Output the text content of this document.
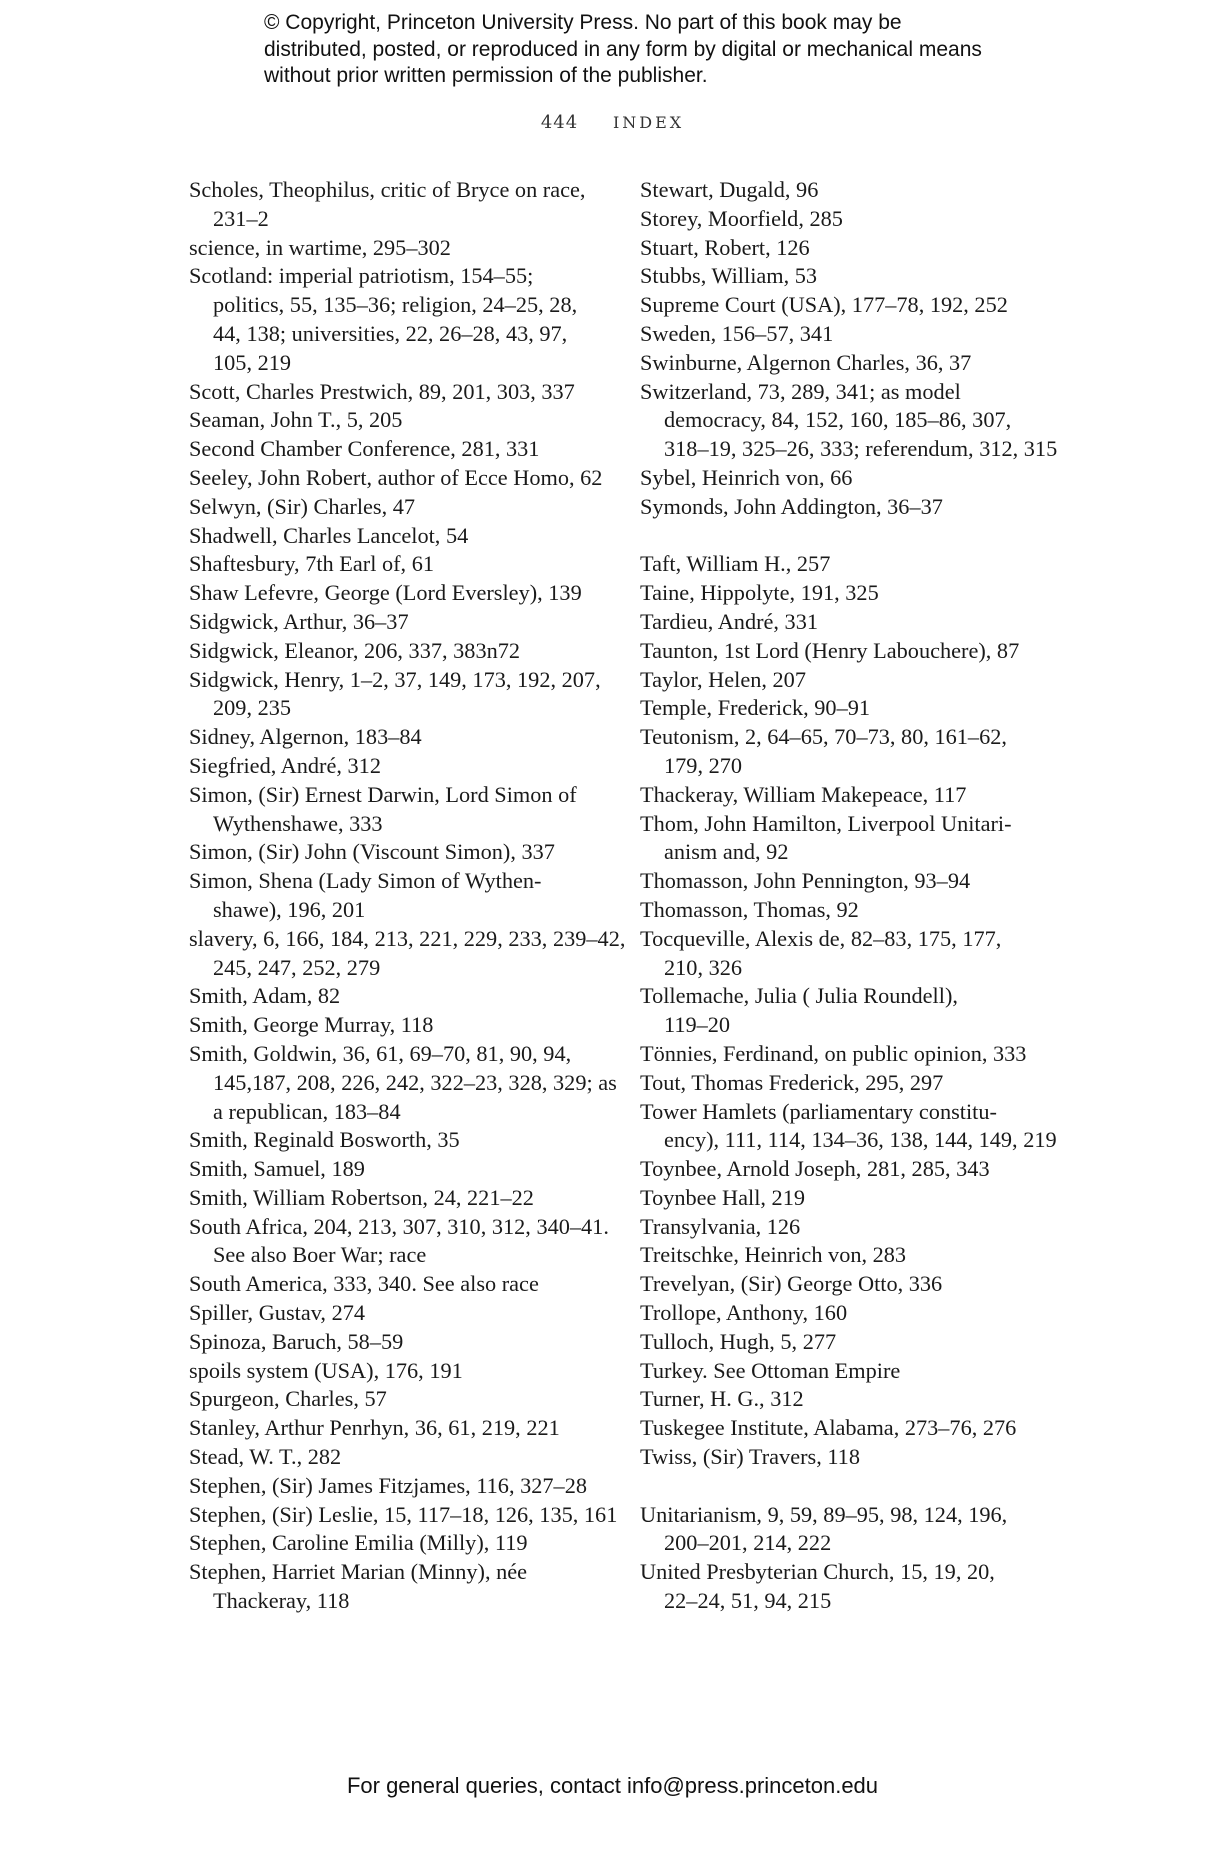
© Copyright, Princeton University Press. No part of this book may be distributed, posted, or reproduced in any form by digital or mechanical means without prior written permission of the publisher.
444 INDEX

Scholes, Theophilus, critic of Bryce on race,
231–2

science, in wartime, 295–302

Scotland: imperial patriotism, 154–55;
politics, 55, 135–36; religion, 24–25, 28,
44, 138; universities, 22, 26–28, 43, 97,
105, 219

Scott, Charles Prestwich, 89, 201, 303, 337

Seaman, John T., 5, 205

Second Chamber Conference, 281, 331

Seeley, John Robert, author of Ecce Homo, 62

Selwyn, (Sir) Charles, 47

Shadwell, Charles Lancelot, 54

Shaftesbury, 7th Earl of, 61

Shaw Lefevre, George (Lord Eversley), 139

Sidgwick, Arthur, 36–37

Sidgwick, Eleanor, 206, 337, 383n72

Sidgwick, Henry, 1–2, 37, 149, 173, 192, 207,
209, 235

Sidney, Algernon, 183–84

Siegfried, André, 312

Simon, (Sir) Ernest Darwin, Lord Simon of
Wythenshawe, 333

Simon, (Sir) John (Viscount Simon), 337

Simon, Shena (Lady Simon of Wythen-
shawe), 196, 201

slavery, 6, 166, 184, 213, 221, 229, 233, 239–42,
245, 247, 252, 279

Smith, Adam, 82

Smith, George Murray, 118

Smith, Goldwin, 36, 61, 69–70, 81, 90, 94,
145,187, 208, 226, 242, 322–23, 328, 329; as
a republican, 183–84

Smith, Reginald Bosworth, 35

Smith, Samuel, 189

Smith, William Robertson, 24, 221–22

South Africa, 204, 213, 307, 310, 312, 340–41.
See also Boer War; race

South America, 333, 340. See also race

Spiller, Gustav, 274

Spinoza, Baruch, 58–59

spoils system (USA), 176, 191

Spurgeon, Charles, 57

Stanley, Arthur Penrhyn, 36, 61, 219, 221

Stead, W. T., 282

Stephen, (Sir) James Fitzjames, 116, 327–28

Stephen, (Sir) Leslie, 15, 117–18, 126, 135, 161

Stephen, Caroline Emilia (Milly), 119

Stephen, Harriet Marian (Minny), née
Thackeray, 118

Stewart, Dugald, 96

Storey, Moorfield, 285

Stuart, Robert, 126

Stubbs, William, 53

Supreme Court (USA), 177–78, 192, 252

Sweden, 156–57, 341

Swinburne, Algernon Charles, 36, 37

Switzerland, 73, 289, 341; as model
democracy, 84, 152, 160, 185–86, 307,
318–19, 325–26, 333; referendum, 312, 315

Sybel, Heinrich von, 66

Symonds, John Addington, 36–37

Taft, William H., 257

Taine, Hippolyte, 191, 325

Tardieu, André, 331

Taunton, 1st Lord (Henry Labouchere), 87

Taylor, Helen, 207

Temple, Frederick, 90–91

Teutonism, 2, 64–65, 70–73, 80, 161–62,
179, 270

Thackeray, William Makepeace, 117

Thom, John Hamilton, Liverpool Unitari-
anism and, 92

Thomasson, John Pennington, 93–94

Thomasson, Thomas, 92

Tocqueville, Alexis de, 82–83, 175, 177,
210, 326

Tollemache, Julia ( Julia Roundell),
119–20

Tönnies, Ferdinand, on public opinion, 333

Tout, Thomas Frederick, 295, 297

Tower Hamlets (parliamentary constitu-
ency), 111, 114, 134–36, 138, 144, 149, 219

Toynbee, Arnold Joseph, 281, 285, 343

Toynbee Hall, 219

Transylvania, 126

Treitschke, Heinrich von, 283

Trevelyan, (Sir) George Otto, 336

Trollope, Anthony, 160

Tulloch, Hugh, 5, 277

Turkey. See Ottoman Empire

Turner, H. G., 312

Tuskegee Institute, Alabama, 273–76, 276

Twiss, (Sir) Travers, 118

Unitarianism, 9, 59, 89–95, 98, 124, 196,
200–201, 214, 222

United Presbyterian Church, 15, 19, 20,
22–24, 51, 94, 215

For general queries, contact info@press.princeton.edu
